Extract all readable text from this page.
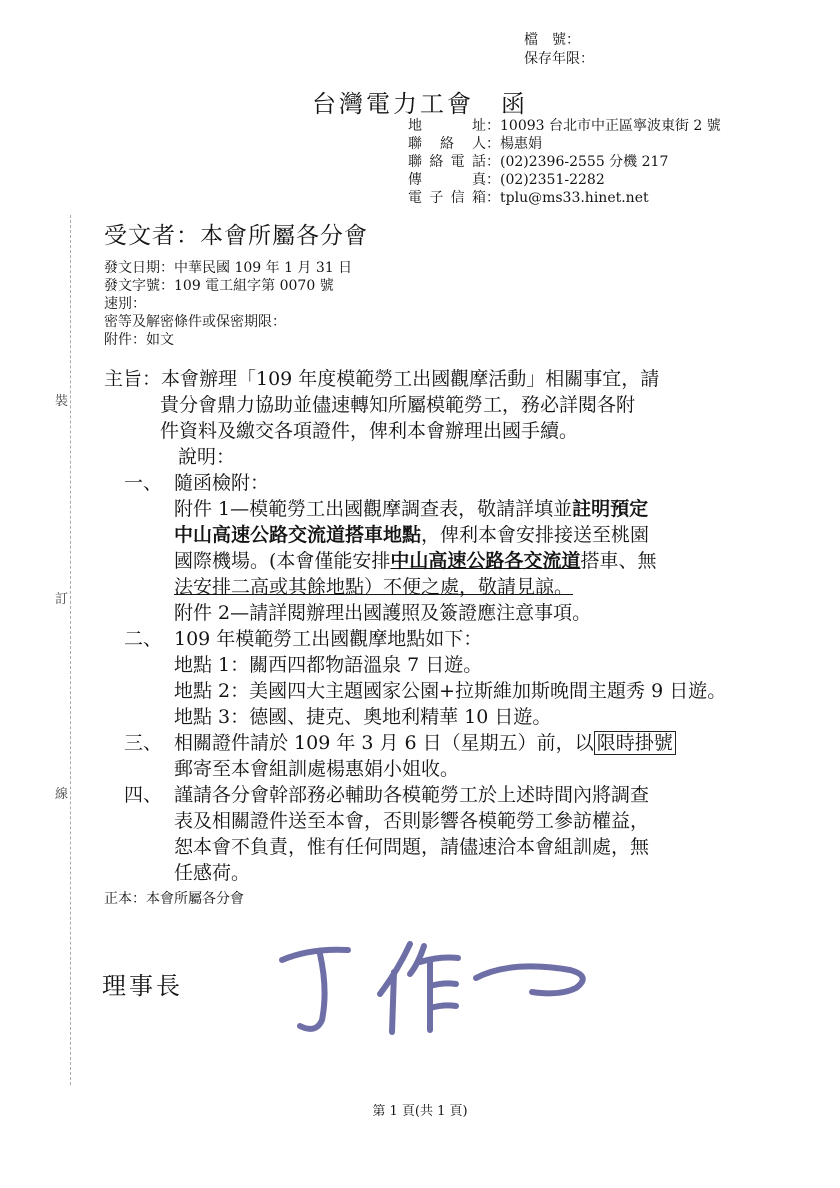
檔　號：
保存年限：
台灣電力工會　函
地　　址：10093 台北市中正區寧波東街 2 號
聯 絡 人：楊惠娟
聯絡電話：(02)2396-2555 分機 217
傳　　真：(02)2351-2282
電子信箱：tplu@ms33.hinet.net
受文者：本會所屬各分會
發文日期：中華民國 109 年 1 月 31 日
發文字號：109 電工組字第 0070 號
速別：
密等及解密條件或保密期限：
附件：如文
裝
訂
線
主旨：本會辦理「109 年度模範勞工出國觀摩活動」相關事宜，請
貴分會鼎力協助並儘速轉知所屬模範勞工，務必詳閱各附
件資料及繳交各項證件，俾利本會辦理出國手續。
說明：
一、 隨函檢附：
附件 1—模範勞工出國觀摩調查表，敬請詳填並註明預定
中山高速公路交流道搭車地點，俾利本會安排接送至桃園
國際機場。(本會僅能安排中山高速公路各交流道搭車、無
法安排二高或其餘地點）不便之處，敬請見諒。
附件 2—請詳閱辦理出國護照及簽證應注意事項。
二、 109 年模範勞工出國觀摩地點如下：
地點 1：關西四都物語溫泉 7 日遊。
地點 2：美國四大主題國家公園+拉斯維加斯晚間主題秀 9 日遊。
地點 3：德國、捷克、奧地利精華 10 日遊。
三、 相關證件請於 109 年 3 月 6 日（星期五）前，以 限時掛號
郵寄至本會組訓處楊惠娟小姐收。
四、 謹請各分會幹部務必輔助各模範勞工於上述時間內將調查
表及相關證件送至本會，否則影響各模範勞工參訪權益，
恕本會不負責，惟有任何問題，請儘速洽本會組訓處，無
任感荷。
正本：本會所屬各分會
理事長
第 1 頁(共 1 頁)
